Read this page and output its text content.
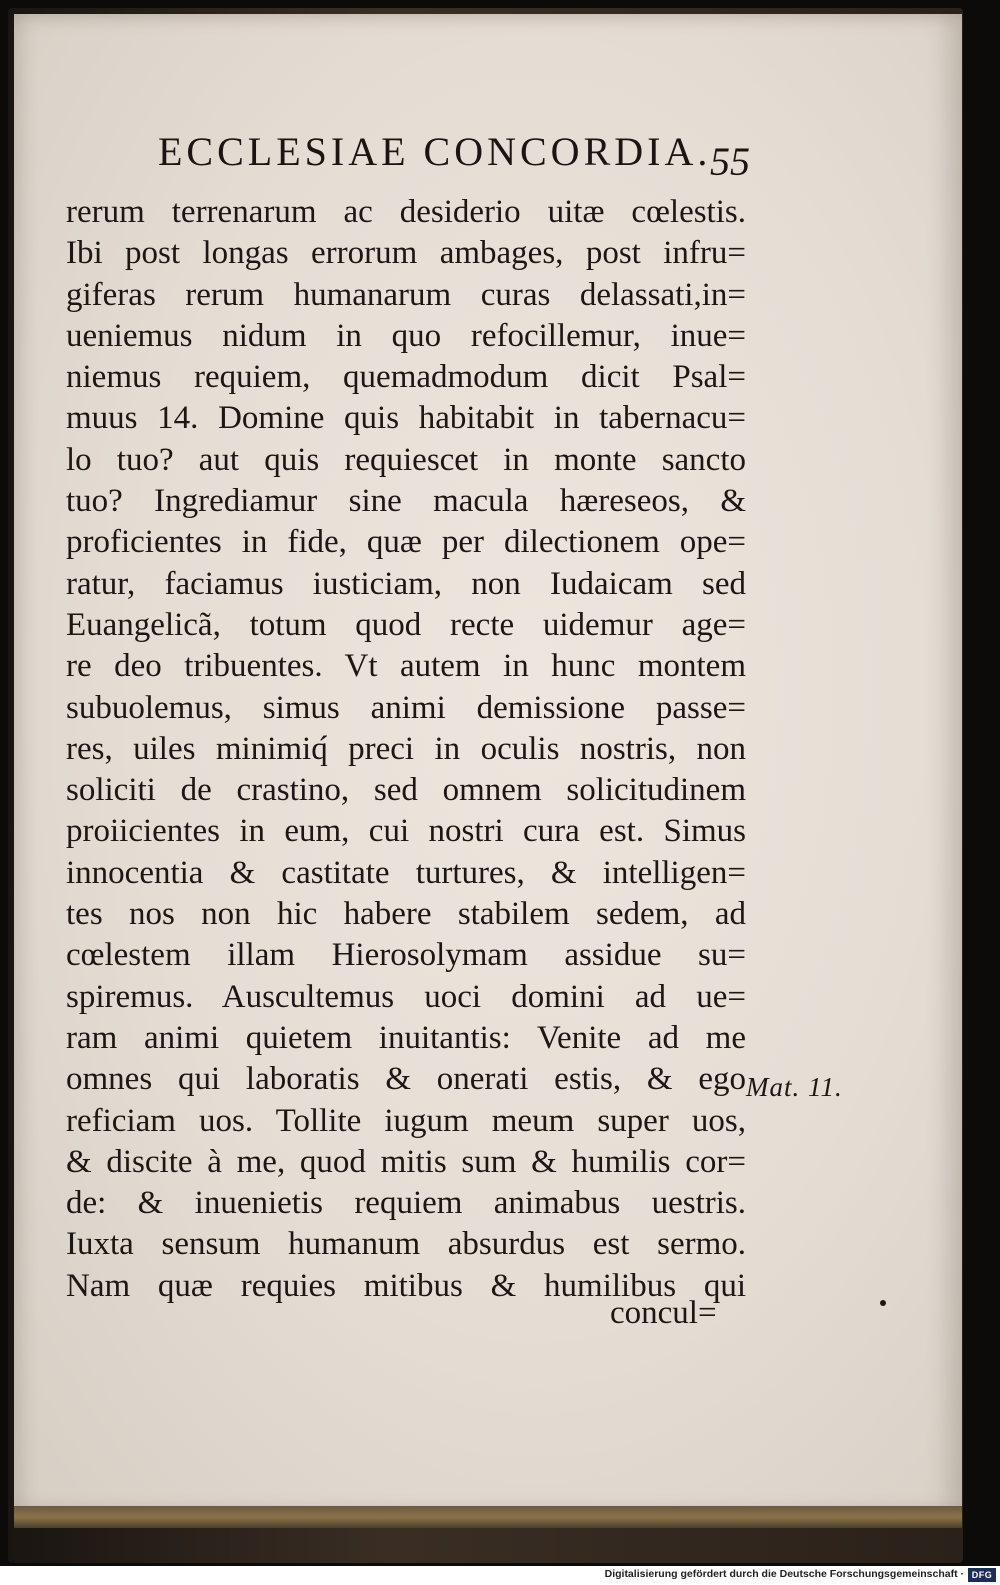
ECCLESIAE CONCORDIA.
55
rerum terrenarum ac desiderio uitæ cœlestis.
Ibi post longas errorum ambages, post infru=
giferas rerum humanarum curas delassati,in=
ueniemus nidum in quo refocillemur, inue=
niemus requiem, quemadmodum dicit Psal=
muus 14. Domine quis habitabit in tabernacu=
lo tuo? aut quis requiescet in monte sancto
tuo? Ingrediamur sine macula hæreseos, &
proficientes in fide, quæ per dilectionem ope=
ratur, faciamus iusticiam, non Iudaicam sed
Euangelicã, totum quod recte uidemur age=
re deo tribuentes. Vt autem in hunc montem
subuolemus, simus animi demissione passe=
res, uiles minimiq́ preci in oculis nostris, non
soliciti de crastino, sed omnem solicitudinem
proiicientes in eum, cui nostri cura est. Simus
innocentia & castitate turtures, & intelligen=
tes nos non hic habere stabilem sedem, ad
cœlestem illam Hierosolymam assidue su=
spiremus. Auscultemus uoci domini ad ue=
ram animi quietem inuitantis: Venite ad me
omnes qui laboratis & onerati estis, & ego
reficiam uos. Tollite iugum meum super uos,
& discite à me, quod mitis sum & humilis cor=
de: & inuenietis requiem animabus uestris.
Iuxta sensum humanum absurdus est sermo.
Nam quæ requies mitibus & humilibus qui
concul=
Mat. 11.
Digitalisierung gefördert durch die Deutsche Forschungsgemeinschaft · DFG
